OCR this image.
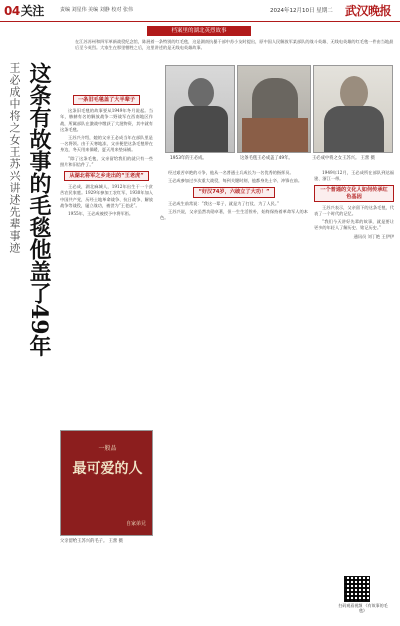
04关注	责编 刘星伟 美编 刘静 校对 张伟	2024年12月10日 星期二 武汉晚报
档案里的湖北英烈故事
在江苏苏州和四军革新战役纪念馆，陈展着一条特别的红毛毯，这是湖南抗暴干部中苏小友时提出，原中国人民解放军某部队的战斗英雄、无线电英雄的红毛毯一件由当地最后至今英烈。大家生在那里牺牲之后，这里讲述的是无线电英雄故事。
王必成中将之女王苏兴讲述先辈事迹 这条有故事的毛毯他盖了49年	1953年的王必成。	这条毛毯王必成盖了49年。	王必成中将之女王苏兴。 王蕾 摄
一条旧毛毯盖了大半辈子

这条旧毛毯的故事要从1949年冬月说起。当年，赫赫有名的解放战争二野战军在西南地区作战，所属部队在激战中缴获了大批物资，其中就有这条毛毯。

王苏兴介绍，她的父亲王必成当年在部队里是一名将领。由于天寒地冻，父亲便把这条毛毯带在身边，冬天用来保暖，夏天用来垫床铺。

“除了这条毛毯，父亲留给我们的就只有一些照片和旧信件了。”

从湖北将军之乡走出的“王老虎”

王必成，湖北麻城人，1912年出生于一个贫苦农民家庭。1929年参加工农红军，1930年加入中国共产党，历经土地革命战争、抗日战争、解放战争等战役，屡立战功，被誉为“王老虎”。

1955年，王必成被授予中将军衔。

一般品
最可爱的人
自家弟兄
父亲留给王苏兴的毛子。 王蕾 摄

经过艰苦卓绝的斗争，他从一名普通士兵成长为一名优秀的指挥员。

王必成参加过多次重大战役，每到关键时刻，他都身先士卒、冲锋在前。

“好汉74岁，六破立了大功！”

王必成生前常说：“我这一辈子，就是为了打仗、为了人民。”

王苏兴说，父亲虽然功勋卓著，但一生生活俭朴，始终保持着革命军人的本色。

1949年12月，王必成所在部队到达福建、浙江一带。

一个普通的文化人如何传承红色基因

王苏兴表示，父亲留下的这条毛毯，代表了一个时代的记忆。

“我们今天讲好先辈的故事，就是要让更多的年轻人了解历史、铭记历史。”

通讯员 刘丁艳 王伊伊

扫码观看视频 《有故事的毛毯》
